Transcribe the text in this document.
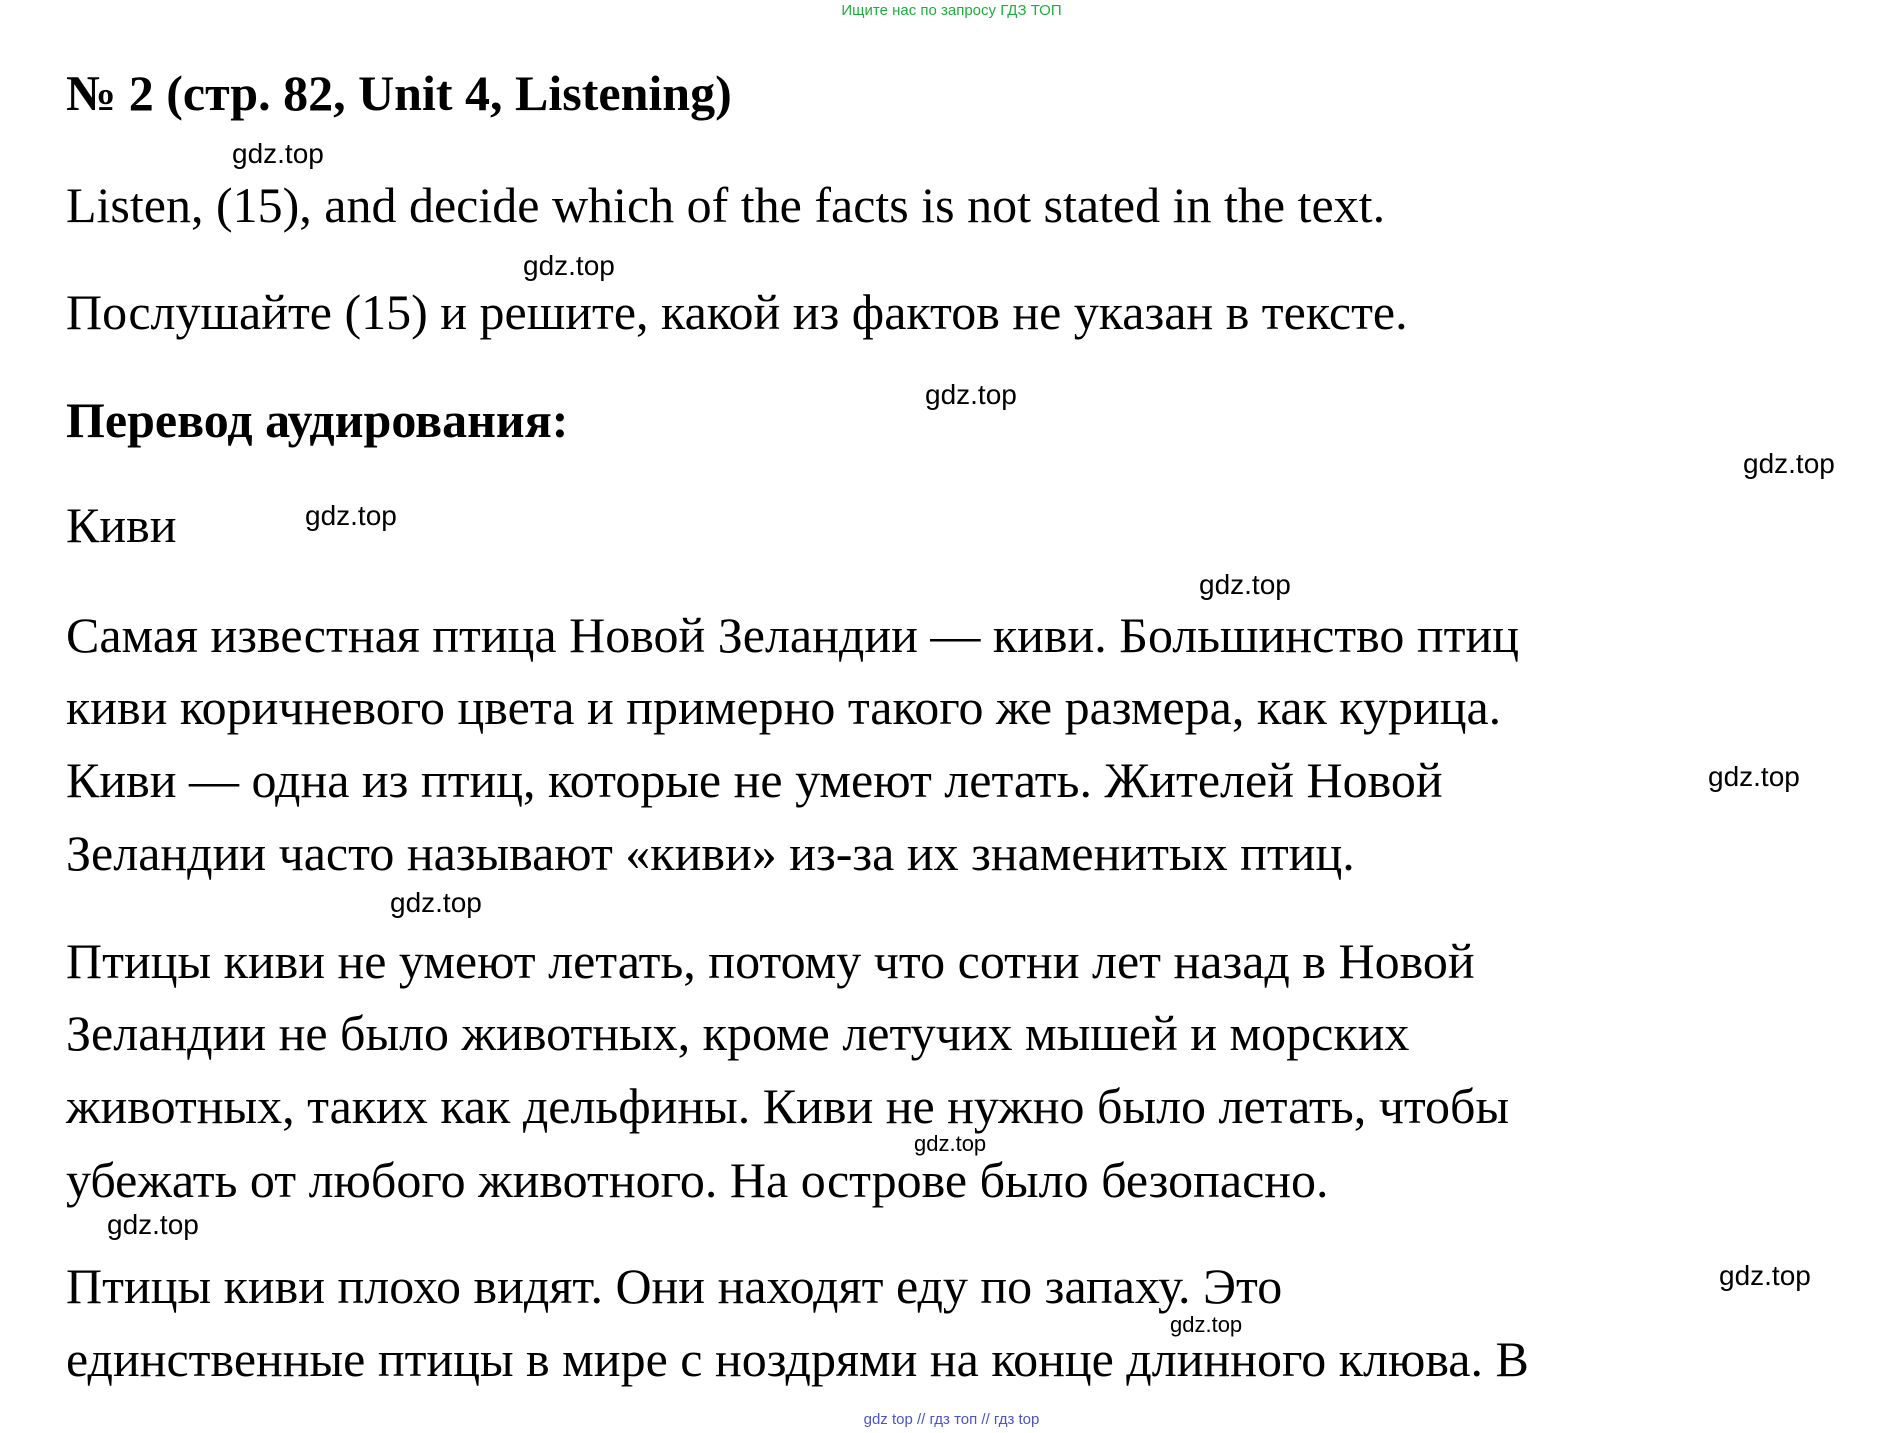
Ищите нас по запросу ГДЗ ТОП
№ 2 (стр. 82, Unit 4, Listening)
Listen, (15), and decide which of the facts is not stated in the text.
Послушайте (15) и решите, какой из фактов не указан в тексте.
Перевод аудирования:
Киви
Самая известная птица Новой Зеландии — киви. Большинство птиц
киви коричневого цвета и примерно такого же размера, как курица.
Киви — одна из птиц, которые не умеют летать. Жителей Новой
Зеландии часто называют «киви» из-за их знаменитых птиц.
Птицы киви не умеют летать, потому что сотни лет назад в Новой
Зеландии не было животных, кроме летучих мышей и морских
животных, таких как дельфины. Киви не нужно было летать, чтобы
убежать от любого животного. На острове было безопасно.
Птицы киви плохо видят. Они находят еду по запаху. Это
единственные птицы в мире с ноздрями на конце длинного клюва. В
gdz.top
gdz.top
gdz.top
gdz.top
gdz.top
gdz.top
gdz.top
gdz.top
gdz.top
gdz.top
gdz.top
gdz.top
gdz top // гдз топ // гдз top
